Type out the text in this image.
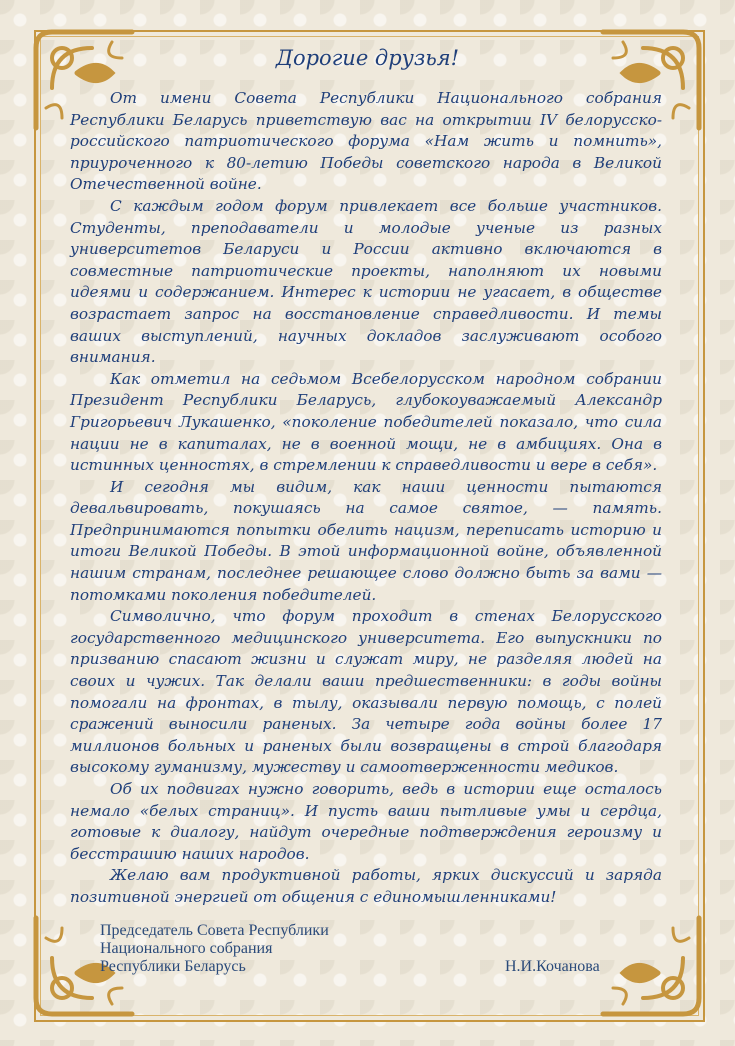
Дорогие друзья!

От имени Совета Республики Национального собрания Республики Беларусь приветствую вас на открытии IV белорусско-российского патриотического форума «Нам жить и помнить», приуроченного к 80-летию Победы советского народа в Великой Отечественной войне.

С каждым годом форум привлекает все больше участников. Студенты, преподаватели и молодые ученые из разных университетов Беларуси и России активно включаются в совместные патриотические проекты, наполняют их новыми идеями и содержанием. Интерес к истории не угасает, в обществе возрастает запрос на восстановление справедливости. И темы ваших выступлений, научных докладов заслуживают особого внимания.

Как отметил на седьмом Всебелорусском народном собрании Президент Республики Беларусь, глубокоуважаемый Александр Григорьевич Лукашенко, «поколение победителей показало, что сила нации не в капиталах, не в военной мощи, не в амбициях. Она в истинных ценностях, в стремлении к справедливости и вере в себя».

И сегодня мы видим, как наши ценности пытаются девальвировать, покушаясь на самое святое, — память. Предпринимаются попытки обелить нацизм, переписать историю и итоги Великой Победы. В этой информационной войне, объявленной нашим странам, последнее решающее слово должно быть за вами — потомками поколения победителей.

Символично, что форум проходит в стенах Белорусского государственного медицинского университета. Его выпускники по призванию спасают жизни и служат миру, не разделяя людей на своих и чужих. Так делали ваши предшественники: в годы войны помогали на фронтах, в тылу, оказывали первую помощь, с полей сражений выносили раненых. За четыре года войны более 17 миллионов больных и раненых были возвращены в строй благодаря высокому гуманизму, мужеству и самоотверженности медиков.

Об их подвигах нужно говорить, ведь в истории еще осталось немало «белых страниц». И пусть ваши пытливые умы и сердца, готовые к диалогу, найдут очередные подтверждения героизму и бесстрашию наших народов.

Желаю вам продуктивной работы, ярких дискуссий и заряда позитивной энергией от общения с единомышленниками!

Председатель Совета Республики
Национального собрания
Республики Беларусь	Н.И.Кочанова
